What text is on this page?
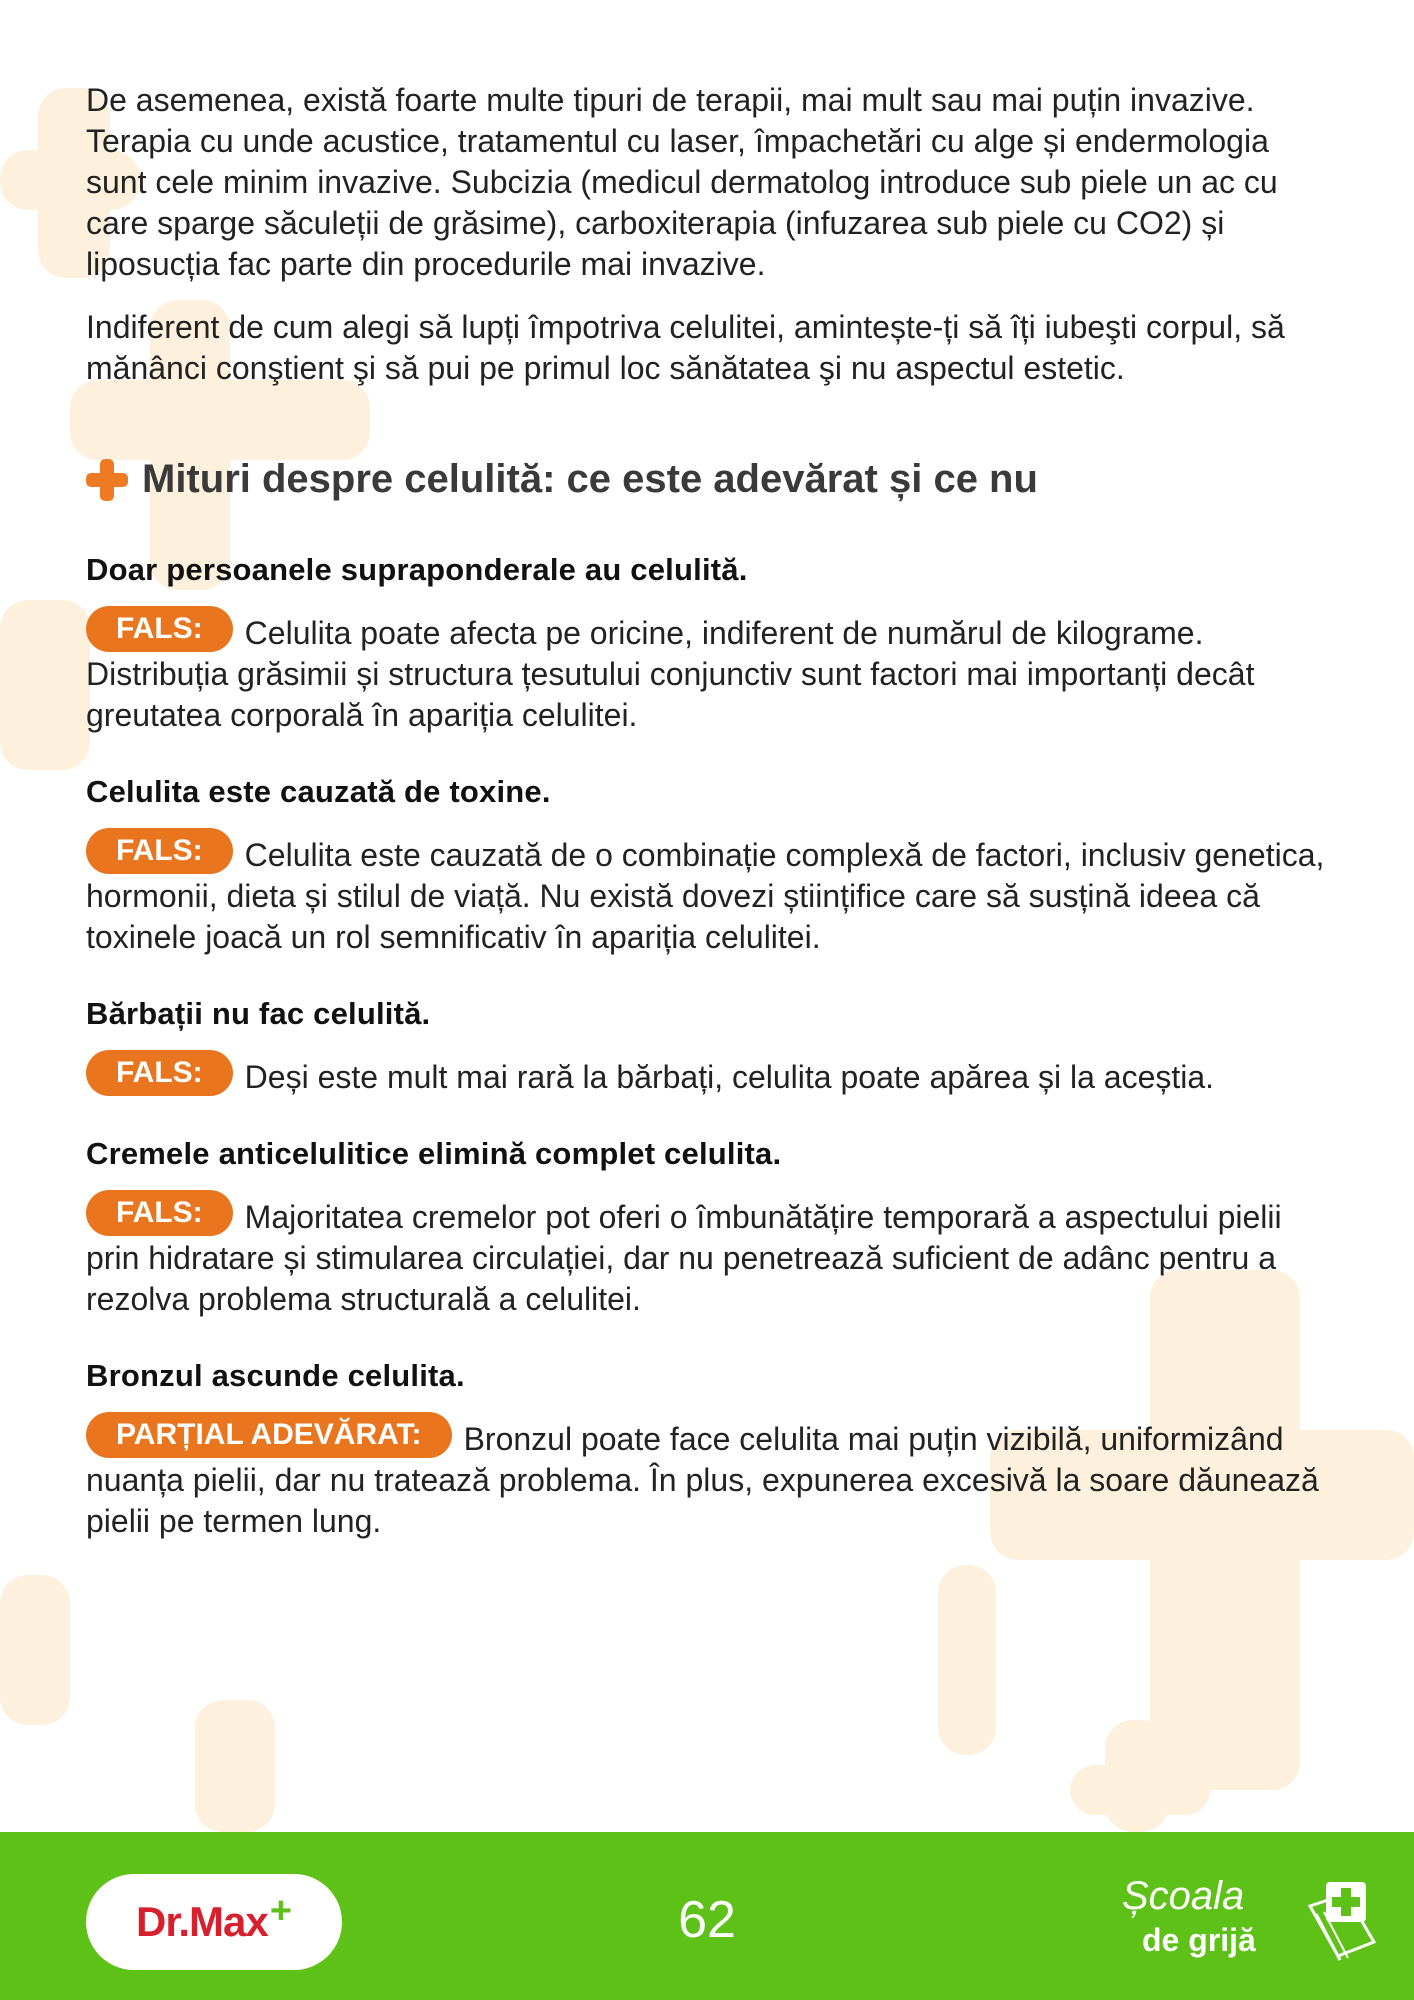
De asemenea, există foarte multe tipuri de terapii, mai mult sau mai puțin invazive. Terapia cu unde acustice, tratamentul cu laser, împachetări cu alge și endermologia sunt cele minim invazive. Subcizia (medicul dermatolog introduce sub piele un ac cu care sparge săculeții de grăsime), carboxiterapia (infuzarea sub piele cu CO2) și liposucția fac parte din procedurile mai invazive.

Indiferent de cum alegi să lupți împotriva celulitei, amintește-ți să îți iubeşti corpul, să mănânci conştient şi să pui pe primul loc sănătatea şi nu aspectul estetic.

Mituri despre celulită: ce este adevărat și ce nu

Doar persoanele supraponderale au celulită.

FALS: Celulita poate afecta pe oricine, indiferent de numărul de kilograme. Distribuția grăsimii și structura țesutului conjunctiv sunt factori mai importanți decât greutatea corporală în apariția celulitei.

Celulita este cauzată de toxine.

FALS: Celulita este cauzată de o combinație complexă de factori, inclusiv genetica, hormonii, dieta și stilul de viață. Nu există dovezi științifice care să susțină ideea că toxinele joacă un rol semnificativ în apariția celulitei.

Bărbații nu fac celulită.

FALS: Deși este mult mai rară la bărbați, celulita poate apărea și la aceștia.

Cremele anticelulitice elimină complet celulita.

FALS: Majoritatea cremelor pot oferi o îmbunătățire temporară a aspectului pielii prin hidratare și stimularea circulației, dar nu penetrează suficient de adânc pentru a rezolva problema structurală a celulitei.

Bronzul ascunde celulita.

PARȚIAL ADEVĂRAT: Bronzul poate face celulita mai puțin vizibilă, uniformizând nuanța pielii, dar nu tratează problema. În plus, expunerea excesivă la soare dăunează pielii pe termen lung.

Dr.Max +	62	Școala
de grijă
